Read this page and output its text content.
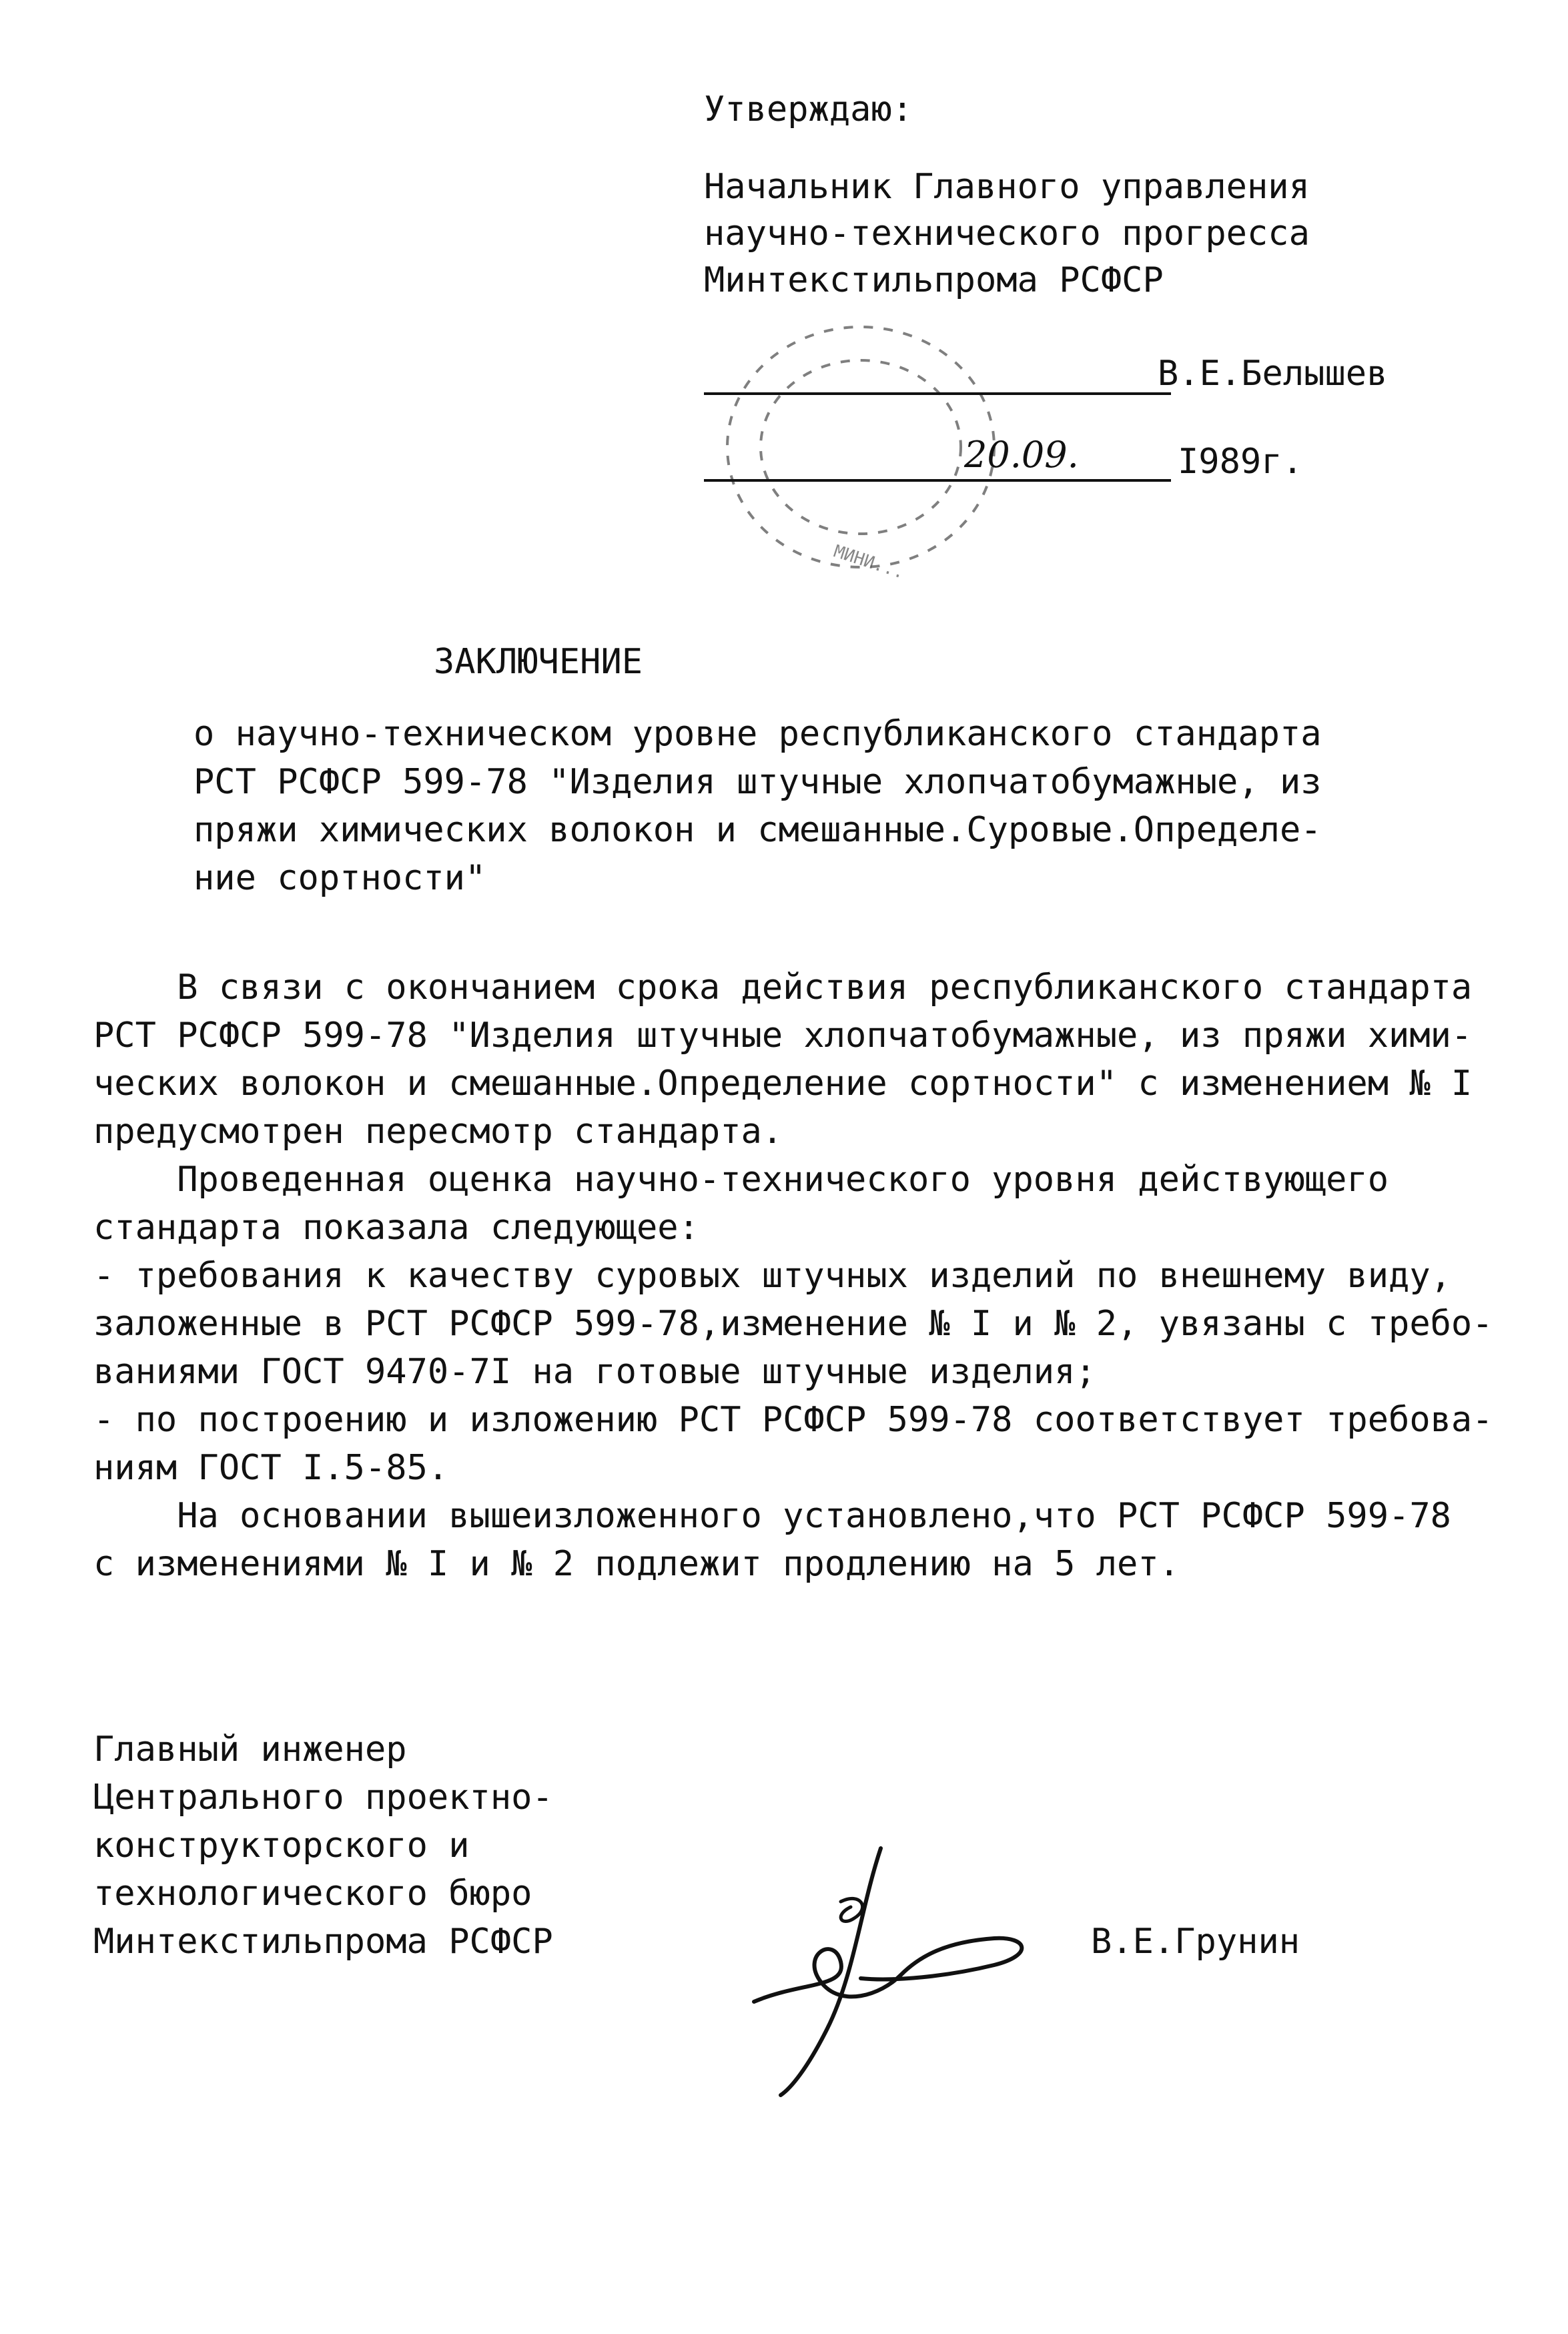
Утверждаю:
Начальник Главного управления
научно-технического прогресса
Минтекстильпрома РСФСР
МИНИ...
В.Е.Белышев
20.09.	I989г.
ЗАКЛЮЧЕНИЕ
о научно-техническом уровне республиканского стандарта
РСТ РСФСР 599-78 "Изделия штучные хлопчатобумажные, из
пряжи химических волокон и смешанные.Суровые.Определе-
ние сортности"
В связи с окончанием срока действия республиканского стандарта
РСТ РСФСР 599-78 "Изделия штучные хлопчатобумажные, из пряжи хими-
ческих волокон и смешанные.Определение сортности" с изменением № I
предусмотрен пересмотр стандарта.
Проведенная оценка научно-технического уровня действующего
стандарта показала следующее:
- требования к качеству суровых штучных изделий по внешнему виду,
заложенные в РСТ РСФСР 599-78,изменение № I и № 2, увязаны с требо-
ваниями ГОСТ 9470-7I на готовые штучные изделия;
- по построению и изложению РСТ РСФСР 599-78 соответствует требова-
ниям ГОСТ I.5-85.
На основании вышеизложенного установлено,что РСТ РСФСР 599-78
с изменениями № I и № 2 подлежит продлению на 5 лет.
Главный инженер
Центрального проектно-
конструкторского и
технологического бюро
Минтекстильпрома РСФСР	В.Е.Грунин
